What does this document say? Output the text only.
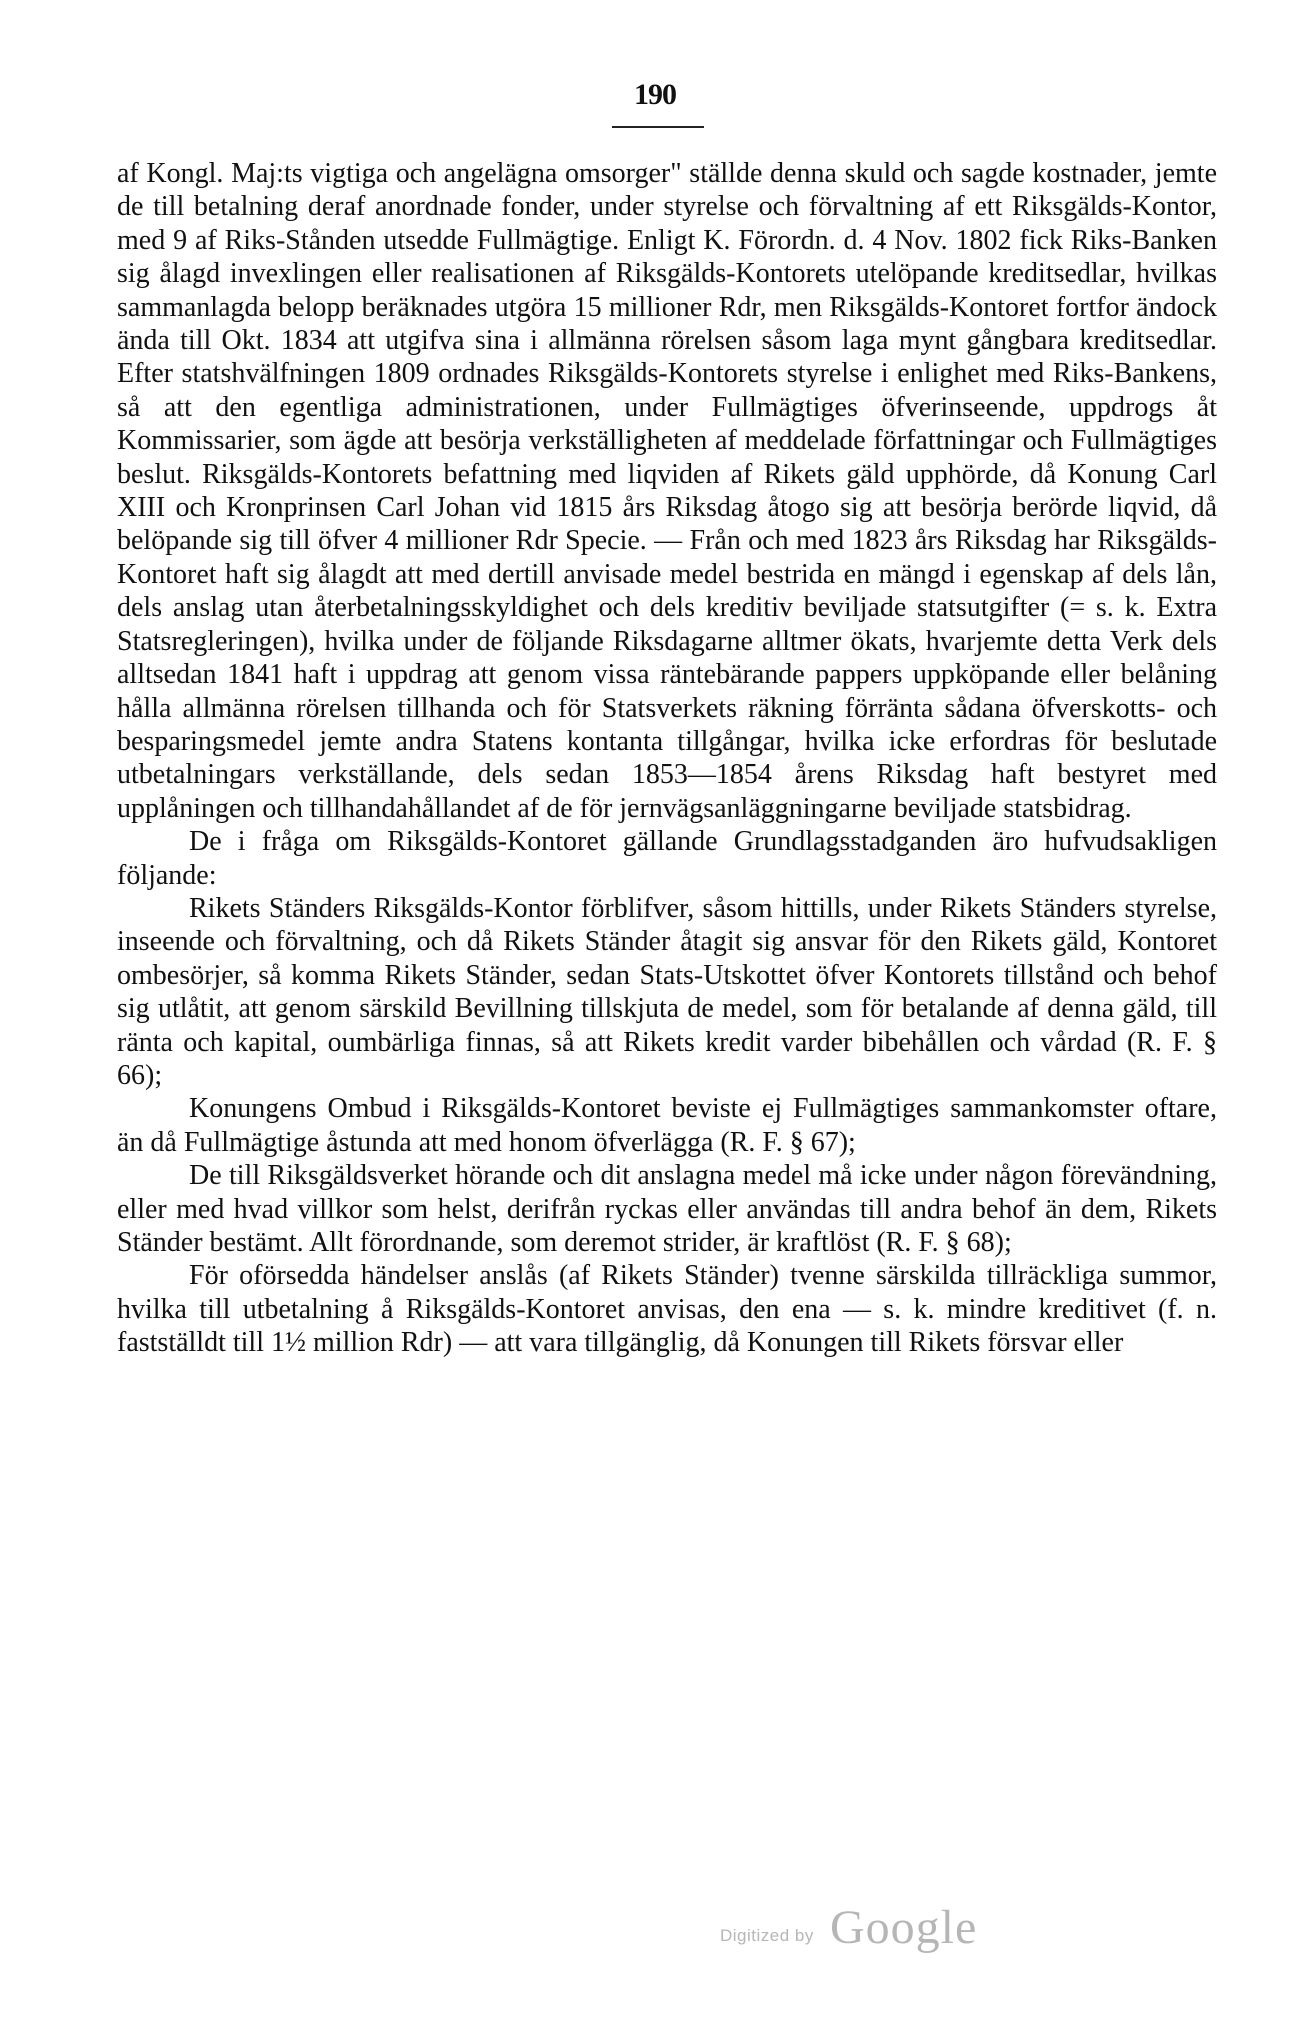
190

af Kongl. Maj:ts vigtiga och angelägna omsorger" ställde denna skuld och sagde kostnader, jemte de till betalning deraf anordnade fonder, under styrelse och förvaltning af ett Riksgälds-Kontor, med 9 af Riks-Stånden utsedde Fullmägtige. Enligt K. Förordn. d. 4 Nov. 1802 fick Riks-Banken sig ålagd invexlingen eller realisationen af Riksgälds-Kontorets utelöpande kreditsedlar, hvilkas sammanlagda belopp beräknades utgöra 15 millioner Rdr, men Riksgälds-Kontoret fortfor ändock ända till Okt. 1834 att utgifva sina i allmänna rörelsen såsom laga mynt gångbara kreditsedlar. Efter statshvälfningen 1809 ordnades Riksgälds-Kontorets styrelse i enlighet med Riks-Bankens, så att den egentliga administrationen, under Fullmägtiges öfverinseende, uppdrogs åt Kommissarier, som ägde att besörja verkställigheten af meddelade författningar och Fullmägtiges beslut. Riksgälds-Kontorets befattning med liqviden af Rikets gäld upphörde, då Konung Carl XIII och Kronprinsen Carl Johan vid 1815 års Riksdag åtogo sig att besörja berörde liqvid, då belöpande sig till öfver 4 millioner Rdr Specie. — Från och med 1823 års Riksdag har Riksgälds-Kontoret haft sig ålagdt att med dertill anvisade medel bestrida en mängd i egenskap af dels lån, dels anslag utan återbetalningsskyldighet och dels kreditiv beviljade statsutgifter (= s. k. Extra Statsregleringen), hvilka under de följande Riksdagarne alltmer ökats, hvarjemte detta Verk dels alltsedan 1841 haft i uppdrag att genom vissa räntebärande pappers uppköpande eller belåning hålla allmänna rörelsen tillhanda och för Statsverkets räkning förränta sådana öfverskotts- och besparingsmedel jemte andra Statens kontanta tillgångar, hvilka icke erfordras för beslutade utbetalningars verkställande, dels sedan 1853—1854 årens Riksdag haft bestyret med upplåningen och tillhandahållandet af de för jernvägsanläggningarne beviljade statsbidrag.

De i fråga om Riksgälds-Kontoret gällande Grundlagsstadganden äro hufvudsakligen följande:

Rikets Ständers Riksgälds-Kontor förblifver, såsom hittills, under Rikets Ständers styrelse, inseende och förvaltning, och då Rikets Ständer åtagit sig ansvar för den Rikets gäld, Kontoret ombesörjer, så komma Rikets Ständer, sedan Stats-Utskottet öfver Kontorets tillstånd och behof sig utlåtit, att genom särskild Bevillning tillskjuta de medel, som för betalande af denna gäld, till ränta och kapital, oumbärliga finnas, så att Rikets kredit varder bibehållen och vårdad (R. F. § 66);

Konungens Ombud i Riksgälds-Kontoret beviste ej Fullmägtiges sammankomster oftare, än då Fullmägtige åstunda att med honom öfverlägga (R. F. § 67);

De till Riksgäldsverket hörande och dit anslagna medel må icke under någon förevändning, eller med hvad villkor som helst, derifrån ryckas eller användas till andra behof än dem, Rikets Ständer bestämt. Allt förordnande, som deremot strider, är kraftlöst (R. F. § 68);

För oförsedda händelser anslås (af Rikets Ständer) tvenne särskilda tillräckliga summor, hvilka till utbetalning å Riksgälds-Kontoret anvisas, den ena — s. k. mindre kreditivet (f. n. fastställdt till 1½ million Rdr) — att vara tillgänglig, då Konungen till Rikets försvar eller

Digitized by Google
